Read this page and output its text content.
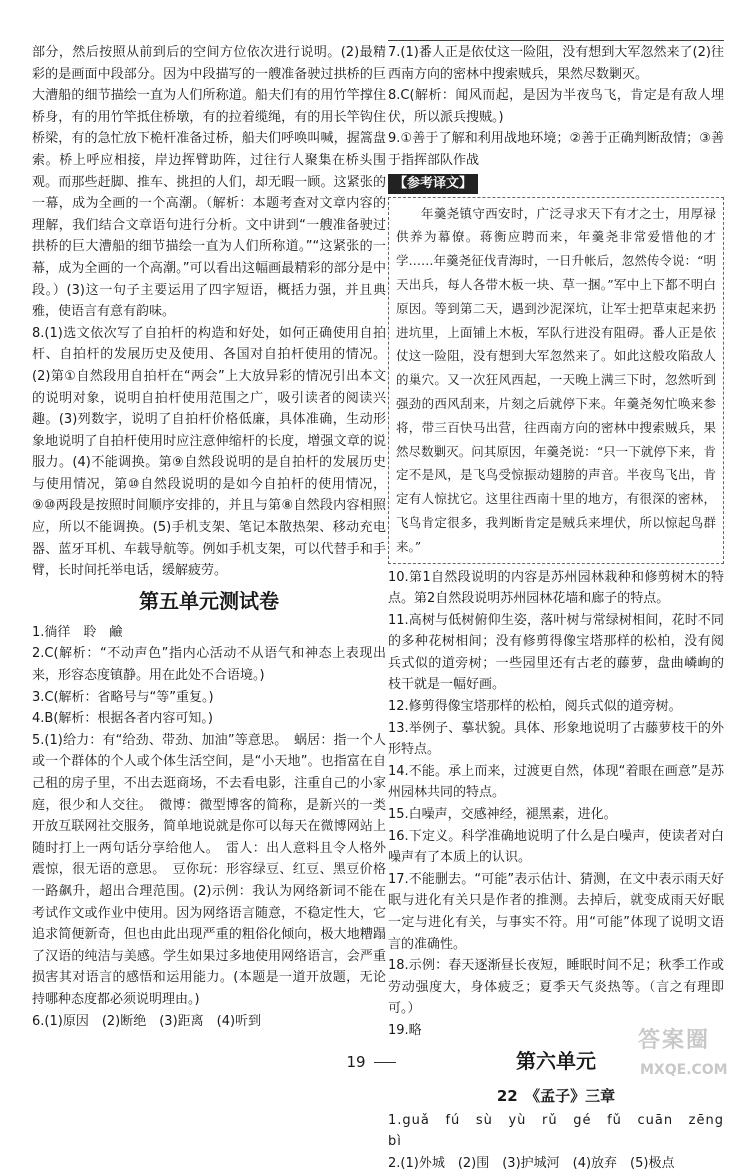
部分，然后按照从前到后的空间方位依次进行说明。(2)最精彩的是画面中段部分。因为中段描写的一艘准备驶过拱桥的巨大漕船的细节描绘一直为人们所称道。船夫们有的用竹竿撑住桥身，有的用竹竿抵住桥墩，有的拉着缆绳，有的用长竿钩住桥梁，有的急忙放下桅杆准备过桥，船夫们呼唤叫喊，握篙盘索。桥上呼应相接，岸边挥臂助阵，过往行人聚集在桥头围观。而那些赶脚、推车、挑担的人们，却无暇一顾。这紧张的一幕，成为全画的一个高潮。（解析：本题考查对文章内容的理解，我们结合文章语句进行分析。文中讲到“一艘准备驶过拱桥的巨大漕船的细节描绘一直为人们所称道。”“这紧张的一幕，成为全画的一个高潮。”可以看出这幅画最精彩的部分是中段。）(3)这一句子主要运用了四字短语，概括力强，并且典雅，使语言有意有韵味。

8.(1)选文依次写了自拍杆的构造和好处，如何正确使用自拍杆、自拍杆的发展历史及使用、各国对自拍杆使用的情况。(2)第①自然段用自拍杆在“两会”上大放异彩的情况引出本文的说明对象，说明自拍杆使用范围之广，吸引读者的阅读兴趣。(3)列数字，说明了自拍杆价格低廉，具体准确，生动形象地说明了自拍杆使用时应注意伸缩杆的长度，增强文章的说服力。(4)不能调换。第⑨自然段说明的是自拍杆的发展历史与使用情况，第⑩自然段说明的是如今自拍杆的使用情况，⑨⑩两段是按照时间顺序安排的，并且与第⑧自然段内容相照应，所以不能调换。(5)手机支架、笔记本散热架、移动充电器、蓝牙耳机、车载导航等。例如手机支架，可以代替手和手臂，长时间托举电话，缓解疲劳。

第五单元测试卷

1.徜徉　聆　鹼

2.C(解析：“不动声色”指内心活动不从语气和神态上表现出来，形容态度镇静。用在此处不合语境。)

3.C(解析：省略号与“等”重复。)

4.B(解析：根据各者内容可知。)

5.(1)给力：有“给劲、带劲、加油”等意思。　蜗居：指一个人或一个群体的个人或个体生活空间，是“小天地”。也指富在自己租的房子里，不出去逛商场，不去看电影，注重自己的小家庭，很少和人交往。　微博：微型博客的简称，是新兴的一类开放互联网社交服务，简单地说就是你可以每天在微博网站上随时打上一两句话分享给他人。　雷人：出人意料且令人格外震惊，很无语的意思。　豆你玩：形容绿豆、红豆、黑豆价格一路飙升，超出合理范围。(2)示例：我认为网络新词不能在考试作文或作业中使用。因为网络语言随意，不稳定性大，它追求简便新奇，但也由此出现严重的粗俗化倾向，极大地糟蹋了汉语的纯洁与美感。学生如果过多地使用网络语言，会严重损害其对语言的感悟和运用能力。(本题是一道开放题，无论持哪种态度都必须说明理由。)

6.(1)原因　(2)断绝　(3)距离　(4)听到

7.(1)番人正是依仗这一险阻，没有想到大军忽然来了(2)往西南方向的密林中搜索贼兵，果然尽数剿灭。

8.C(解析：闻风而起，是因为半夜鸟飞，肯定是有敌人埋伏，所以派兵搜贼。)

9.①善于了解和利用战地环境；②善于正确判断敌情；③善于指挥部队作战

【参考译文】

年羹尧镇守西安时，广泛寻求天下有才之士，用厚禄供养为幕僚。蒋衡应聘而来，年羹尧非常爱惜他的才学……年羹尧征伐青海时，一日升帐后，忽然传令说：“明天出兵，每人各带木板一块、草一捆。”军中上下都不明白原因。等到第二天，遇到沙泥深坑，让军士把草束起来扔进坑里，上面铺上木板，军队行进没有阻碍。番人正是依仗这一险阻，没有想到大军忽然来了。如此这般攻陷敌人的巢穴。又一次狂风西起，一天晚上满三下时，忽然听到强劲的西风刮来，片刻之后就停下来。年羹尧匆忙唤来参将，带三百快马出营，往西南方向的密林中搜索贼兵，果然尽数剿灭。问其原因，年羹尧说：“只一下就停下来，肯定不是风，是飞鸟受惊振动翅膀的声音。半夜鸟飞出，肯定有人惊扰它。这里往西南十里的地方，有很深的密林，飞鸟肯定很多，我判断肯定是贼兵来埋伏，所以惊起鸟群来。”

10.第1自然段说明的内容是苏州园林栽种和修剪树木的特点。第2自然段说明苏州园林花墙和廊子的特点。

11.高树与低树俯仰生姿，落叶树与常绿树相间，花时不同的多种花树相间；没有修剪得像宝塔那样的松柏，没有阅兵式似的道旁树；一些园里还有古老的藤萝，盘曲嶙峋的枝干就是一幅好画。

12.修剪得像宝塔那样的松柏，阅兵式似的道旁树。

13.举例子、摹状貌。具体、形象地说明了古藤萝枝干的外形特点。

14.不能。承上而来，过渡更自然，体现“着眼在画意”是苏州园林共同的特点。

15.白噪声，交感神经，褪黑素，进化。

16.下定义。科学准确地说明了什么是白噪声，使读者对白噪声有了本质上的认识。

17.不能删去。“可能”表示估计、猜测，在文中表示雨天好眠与进化有关只是作者的推测。去掉后，就变成雨天好眠一定与进化有关，与事实不符。用“可能”体现了说明文语言的准确性。

18.示例：春天逐渐昼长夜短，睡眠时间不足；秋季工作或劳动强度大，身体疲乏；夏季天气炎热等。（言之有理即可。）

19.略

第六单元
22　《孟子》三章

1.guǎ　fú　sù　yù　rǔ　gé　fǔ　cuān　zēng　bì

2.(1)外城　(2)围　(3)护城河　(4)放弃　(5)极点

19
答案圈
MXQE.COM
